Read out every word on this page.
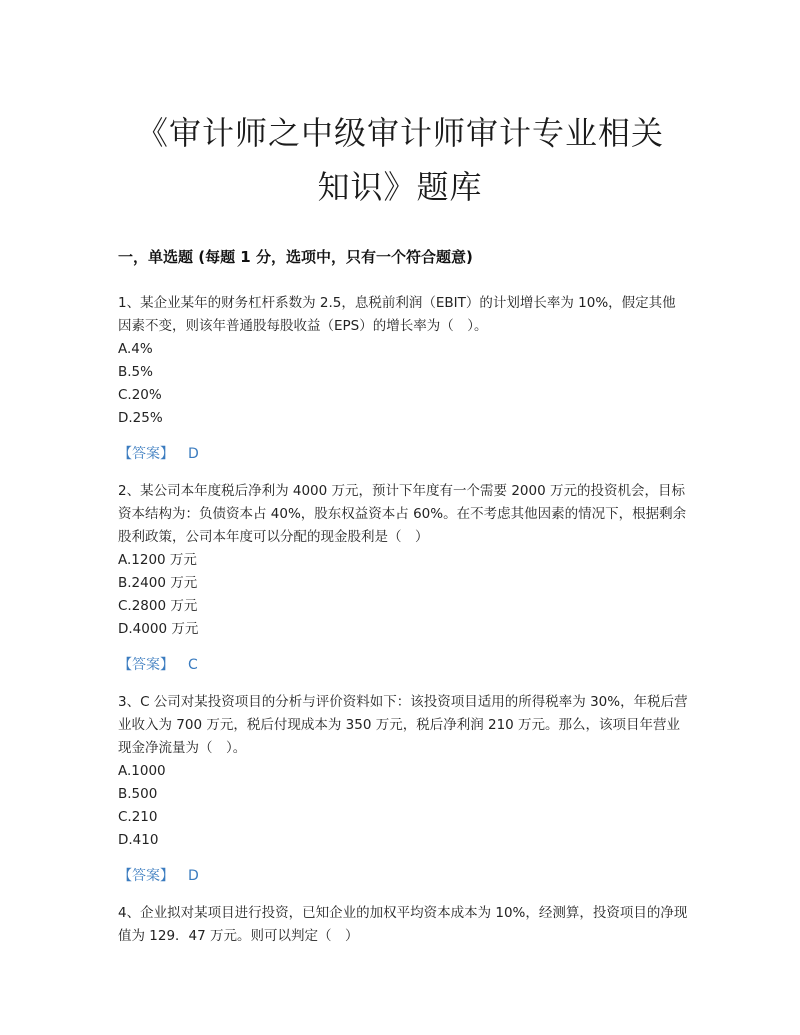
《审计师之中级审计师审计专业相关
知识》题库
一，单选题 (每题 1 分，选项中，只有一个符合题意)
1、某企业某年的财务杠杆系数为 2.5，息税前利润（EBIT）的计划增长率为 10%，假定其他因素不变，则该年普通股每股收益（EPS）的增长率为（　）。
A.4%
B.5%
C.20%
D.25%
【答案】 D
2、某公司本年度税后净利为 4000 万元，预计下年度有一个需要 2000 万元的投资机会，目标资本结构为：负债资本占 40%，股东权益资本占 60%。在不考虑其他因素的情况下，根据剩余股利政策，公司本年度可以分配的现金股利是（　）
A.1200 万元
B.2400 万元
C.2800 万元
D.4000 万元
【答案】 C
3、C 公司对某投资项目的分析与评价资料如下：该投资项目适用的所得税率为 30%，年税后营业收入为 700 万元，税后付现成本为 350 万元，税后净利润 210 万元。那么，该项目年营业现金净流量为（　）。
A.1000
B.500
C.210
D.410
【答案】 D
4、企业拟对某项目进行投资，已知企业的加权平均资本成本为 10%，经测算，投资项目的净现值为 129．47 万元。则可以判定（　）
